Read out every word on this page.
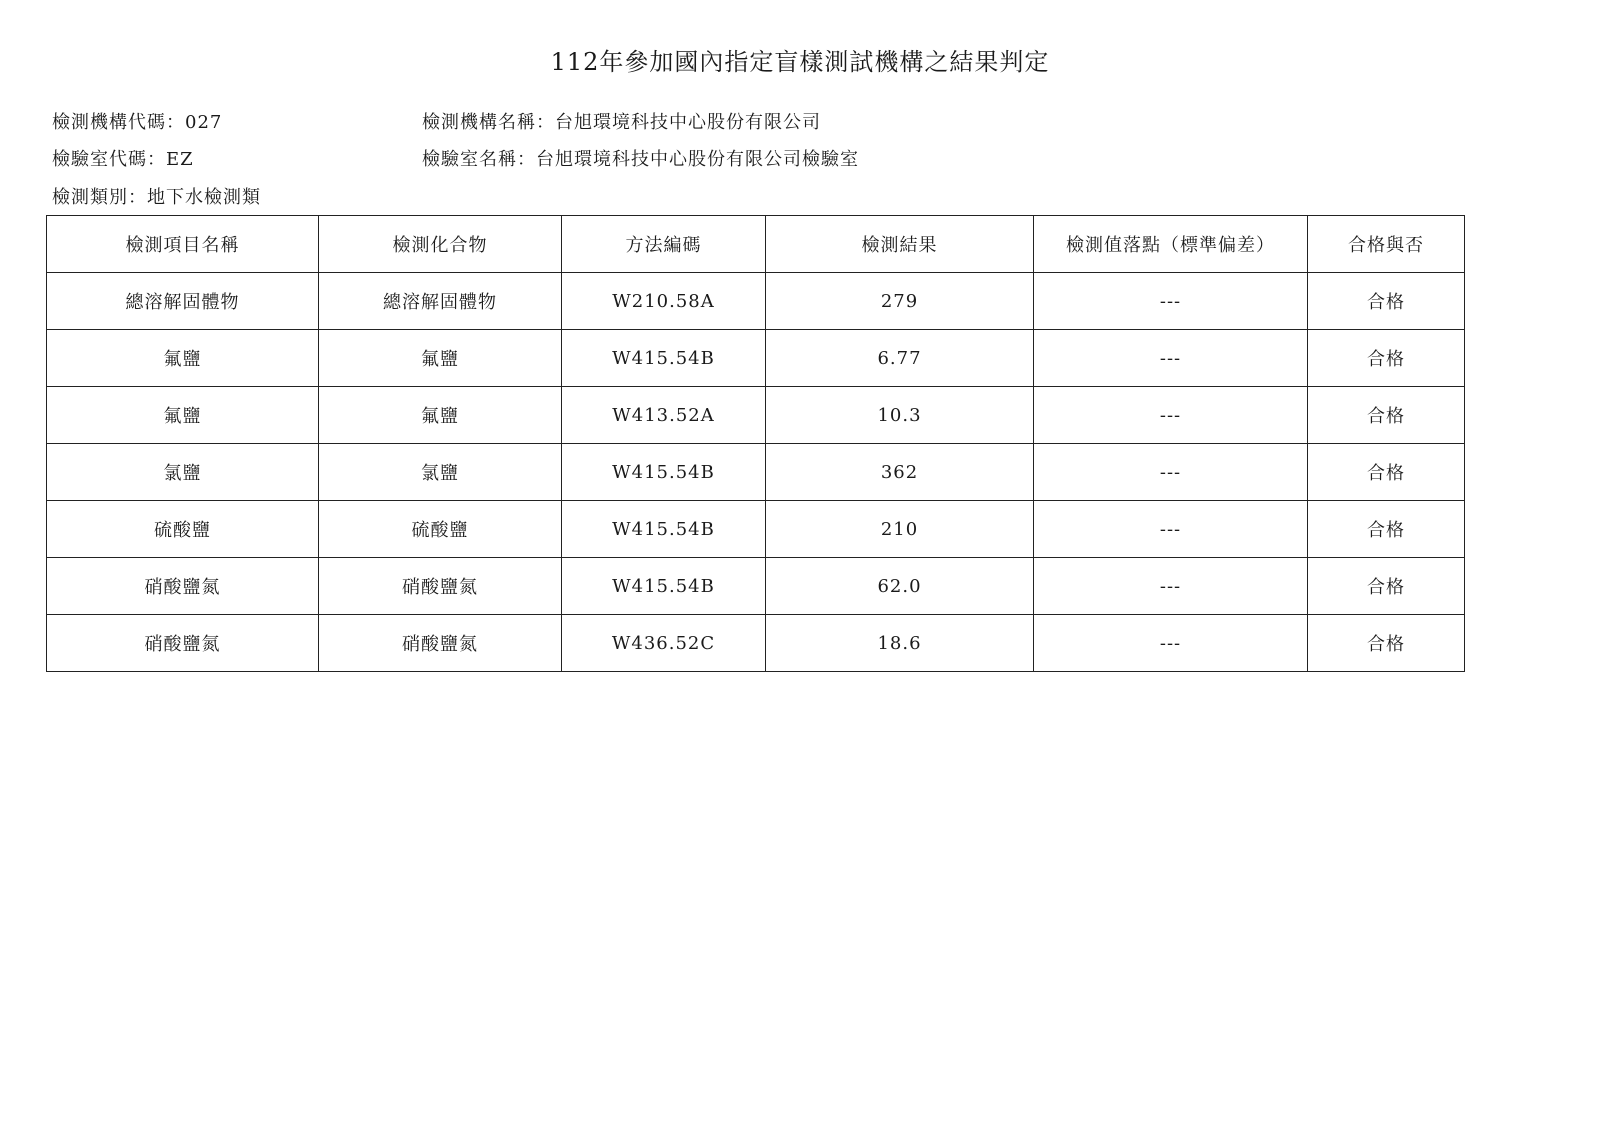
112年參加國內指定盲樣測試機構之結果判定
檢測機構代碼：027	檢測機構名稱：台旭環境科技中心股份有限公司
檢驗室代碼：EZ	檢驗室名稱：台旭環境科技中心股份有限公司檢驗室
檢測類別：地下水檢測類
檢測項目名稱	檢測化合物	方法編碼	檢測結果	檢測值落點（標準偏差）	合格與否
總溶解固體物	總溶解固體物	W210.58A	279	---	合格
氟鹽	氟鹽	W415.54B	6.77	---	合格
氟鹽	氟鹽	W413.52A	10.3	---	合格
氯鹽	氯鹽	W415.54B	362	---	合格
硫酸鹽	硫酸鹽	W415.54B	210	---	合格
硝酸鹽氮	硝酸鹽氮	W415.54B	62.0	---	合格
硝酸鹽氮	硝酸鹽氮	W436.52C	18.6	---	合格
